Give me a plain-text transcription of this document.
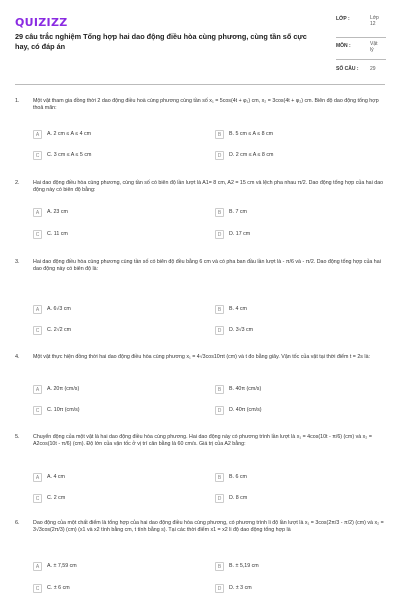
QUIZIZZ
29 câu trắc nghiệm Tổng hợp hai dao động điều hòa cùng phương, cùng tần số cực hay, có đáp án
LỚP :	Lớp 12
MÔN :	Vật lý
SỐ CÂU : 29
1.	Một vật tham gia đồng thời 2 dao động điều hoà cùng phương cùng tần số x₁ = 5cos(4t + φ₁) cm, x₂ = 3cos(4t + φ₂) cm. Biên độ dao động tổng hợp thoả mãn:
A	A. 2 cm ≤ A ≤ 4 cm	B	B. 5 cm ≤ A ≤ 8 cm
C	C. 3 cm ≤ A ≤ 5 cm	D	D. 2 cm ≤ A ≤ 8 cm
2.	Hai dao động điều hòa cùng phương, cùng tần số có biên độ lần lượt là A1= 8 cm, A2 = 15 cm và lệch pha nhau π/2. Dao động tổng hợp của hai dao động này có biên độ bằng:
A	A. 23 cm	B	B. 7 cm
C	C. 11 cm	D	D. 17 cm
3.	Hai dao động điều hòa cùng phương cùng tần số có biên độ đều bằng 6 cm và có pha ban đầu lần lượt là - π/6 và - π/2. Dao động tổng hợp của hai dao động này có biên độ là:
A	A. 6√3 cm	B	B. 4 cm
C	C. 2√2 cm	D	D. 3√3 cm
4.	Một vật thực hiện đồng thời hai dao động điều hòa cùng phương x₁ = 4√3cos10πt (cm) và t đo bằng giây. Vận tốc của vật tại thời điểm t = 2s là:
A	A. 20π (cm/s)	B	B. 40π (cm/s)
C	C. 10π (cm/s)	D	D. 40π (cm/s)
5.	Chuyển động của một vật là hai dao động điều hòa cùng phương. Hai dao động này có phương trình lần lượt là x₁ = 4cos(10t - π/6) (cm) và x₂ = A2cos(10t - π/6) (cm). Độ lớn của vận tốc ở vị trí cân bằng là 60 cm/s. Giá trị của A2 bằng:
A	A. 4 cm	B	B. 6 cm
C	C. 2 cm	D	D. 8 cm
6.	Dao động của một chất điểm là tổng hợp của hai dao động điều hòa cùng phương, có phương trình li độ lần lượt là x₁ = 3cos(2π/3 - π/2) (cm) và x₂ = 3√3cos(2π/3) (cm) (x1 và x2 tính bằng cm, t tính bằng s). Tại các thời điểm x1 = x2 li độ dao động tổng hợp là
A	A. ± 7,59 cm	B	B. ± 5,19 cm
C	C. ± 6 cm	D	D. ± 3 cm
